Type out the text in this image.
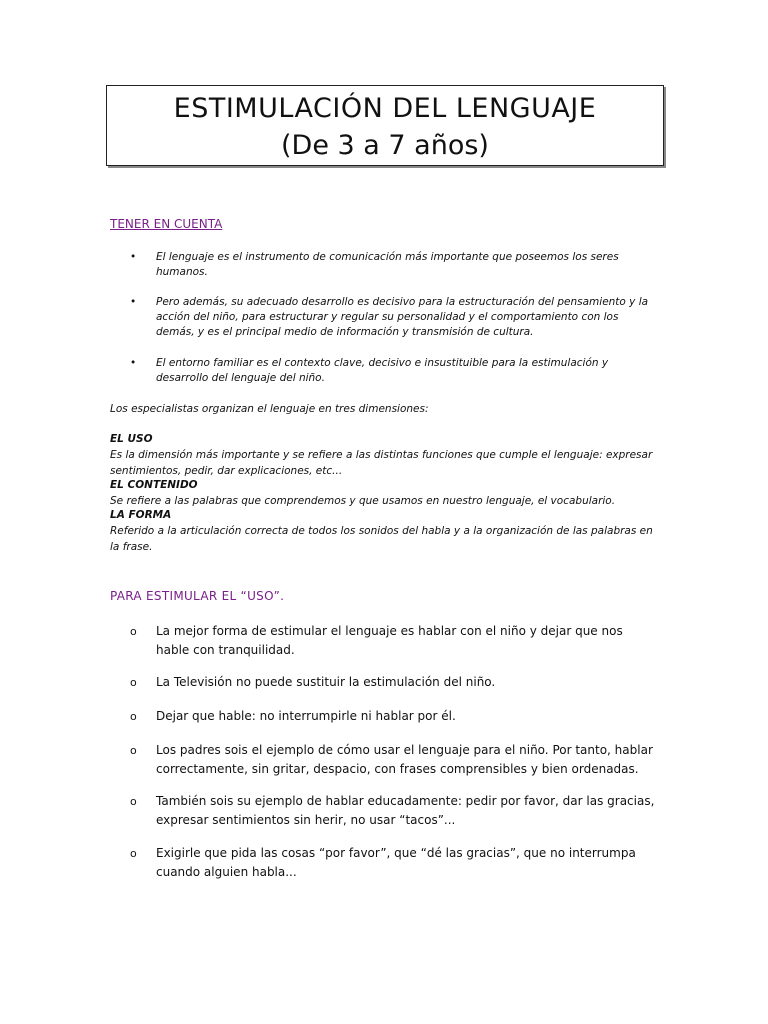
ESTIMULACIÓN DEL LENGUAJE
(De 3 a 7 años)
TENER EN CUENTA
• El lenguaje es el instrumento de comunicación más importante que poseemos los seres humanos.
• Pero además, su adecuado desarrollo es decisivo para la estructuración del pensamiento y la acción del niño, para estructurar y regular su personalidad y el comportamiento con los demás, y es el principal medio de información y transmisión de cultura.
• El entorno familiar es el contexto clave, decisivo e insustituible para la estimulación y desarrollo del lenguaje del niño.
Los especialistas organizan el lenguaje en tres dimensiones:
EL USO
Es la dimensión más importante y se refiere a las distintas funciones que cumple el lenguaje: expresar sentimientos, pedir, dar explicaciones, etc...
EL CONTENIDO
Se refiere a las palabras que comprendemos y que usamos en nuestro lenguaje, el vocabulario.
LA FORMA
Referido a la articulación correcta de todos los sonidos del habla y a la organización de las palabras en la frase.
PARA ESTIMULAR EL “USO”.
o La mejor forma de estimular el lenguaje es hablar con el niño y dejar que nos hable con tranquilidad.
o La Televisión no puede sustituir la estimulación del niño.
o Dejar que hable: no interrumpirle ni hablar por él.
o Los padres sois el ejemplo de cómo usar el lenguaje para el niño. Por tanto, hablar correctamente, sin gritar, despacio, con frases comprensibles y bien ordenadas.
o También sois su ejemplo de hablar educadamente: pedir por favor, dar las gracias, expresar sentimientos sin herir, no usar “tacos”...
o Exigirle que pida las cosas “por favor”, que “dé las gracias”, que no interrumpa cuando alguien habla...
